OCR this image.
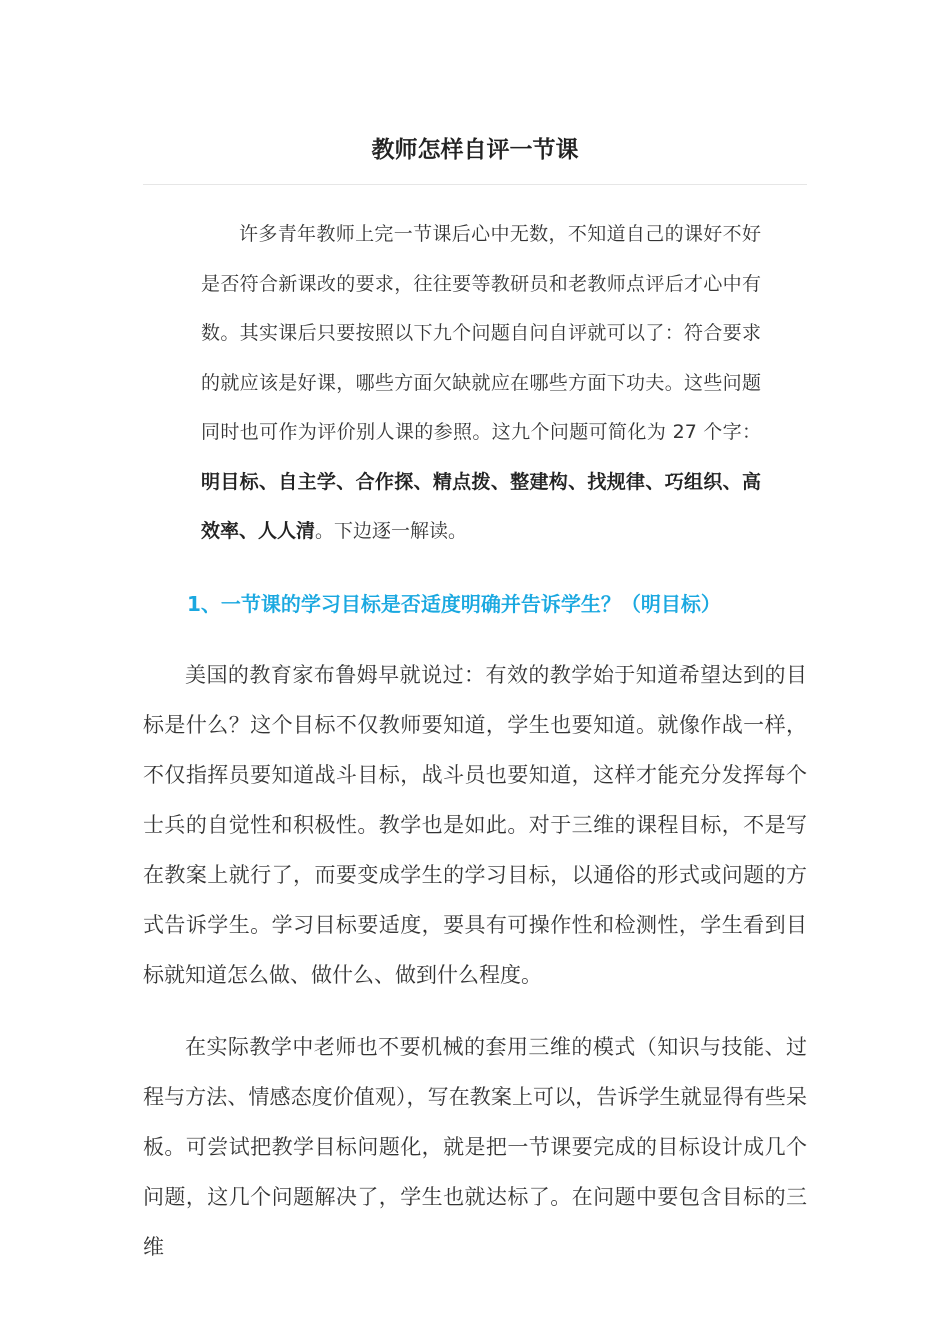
教师怎样自评一节课

许多青年教师上完一节课后心中无数，不知道自己的课好不好是否符合新课改的要求，往往要等教研员和老教师点评后才心中有数。其实课后只要按照以下九个问题自问自评就可以了：符合要求的就应该是好课，哪些方面欠缺就应在哪些方面下功夫。这些问题同时也可作为评价别人课的参照。这九个问题可简化为 27 个字：明目标、自主学、合作探、精点拨、整建构、找规律、巧组织、高效率、人人清。下边逐一解读。

1、一节课的学习目标是否适度明确并告诉学生？（明目标）

美国的教育家布鲁姆早就说过：有效的教学始于知道希望达到的目标是什么？这个目标不仅教师要知道，学生也要知道。就像作战一样，不仅指挥员要知道战斗目标，战斗员也要知道，这样才能充分发挥每个士兵的自觉性和积极性。教学也是如此。对于三维的课程目标，不是写在教案上就行了，而要变成学生的学习目标，以通俗的形式或问题的方式告诉学生。学习目标要适度，要具有可操作性和检测性，学生看到目标就知道怎么做、做什么、做到什么程度。

在实际教学中老师也不要机械的套用三维的模式（知识与技能、过程与方法、情感态度价值观），写在教案上可以，告诉学生就显得有些呆板。可尝试把教学目标问题化，就是把一节课要完成的目标设计成几个问题，这几个问题解决了，学生也就达标了。在问题中要包含目标的三维
